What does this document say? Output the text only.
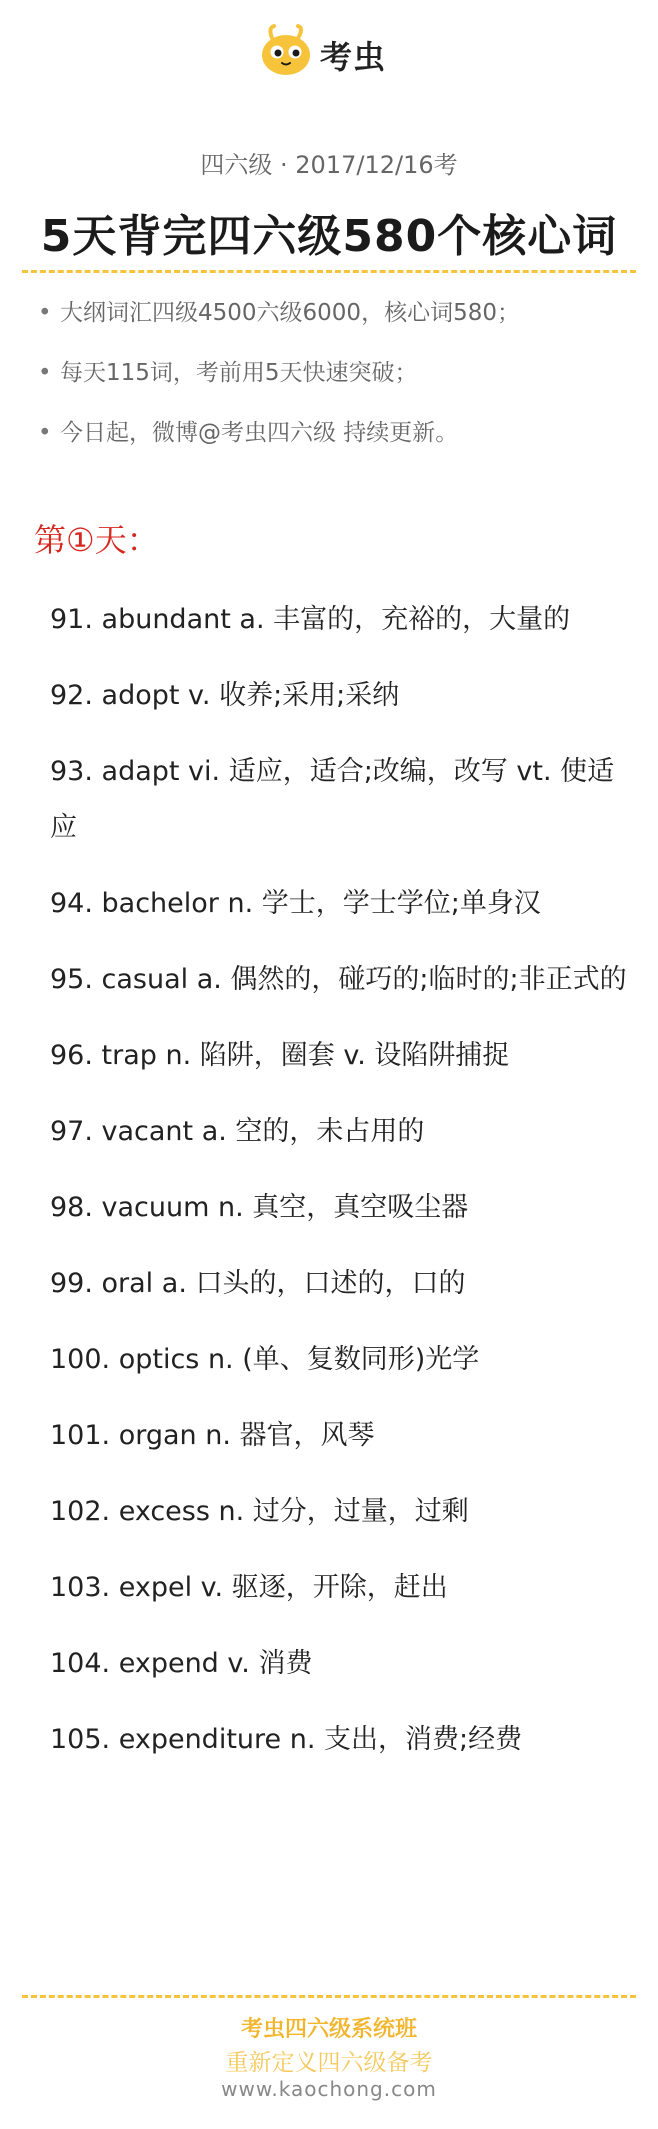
考虫
四六级 · 2017/12/16考
5天背完四六级580个核心词
• 大纲词汇四级4500六级6000，核心词580；
• 每天115词，考前用5天快速突破；
• 今日起，微博@考虫四六级 持续更新。
第①天：
91. abundant a. 丰富的，充裕的，大量的
92. adopt v. 收养;采用;采纳
93. adapt vi. 适应，适合;改编，改写 vt. 使适应
94. bachelor n. 学士，学士学位;单身汉
95. casual a. 偶然的，碰巧的;临时的;非正式的
96. trap n. 陷阱，圈套 v. 设陷阱捕捉
97. vacant a. 空的，未占用的
98. vacuum n. 真空，真空吸尘器
99. oral a. 口头的，口述的，口的
100. optics n. (单、复数同形)光学
101. organ n. 器官，风琴
102. excess n. 过分，过量，过剩
103. expel v. 驱逐，开除，赶出
104. expend v. 消费
105. expenditure n. 支出，消费;经费
考虫四六级系统班
重新定义四六级备考
www.kaochong.com
